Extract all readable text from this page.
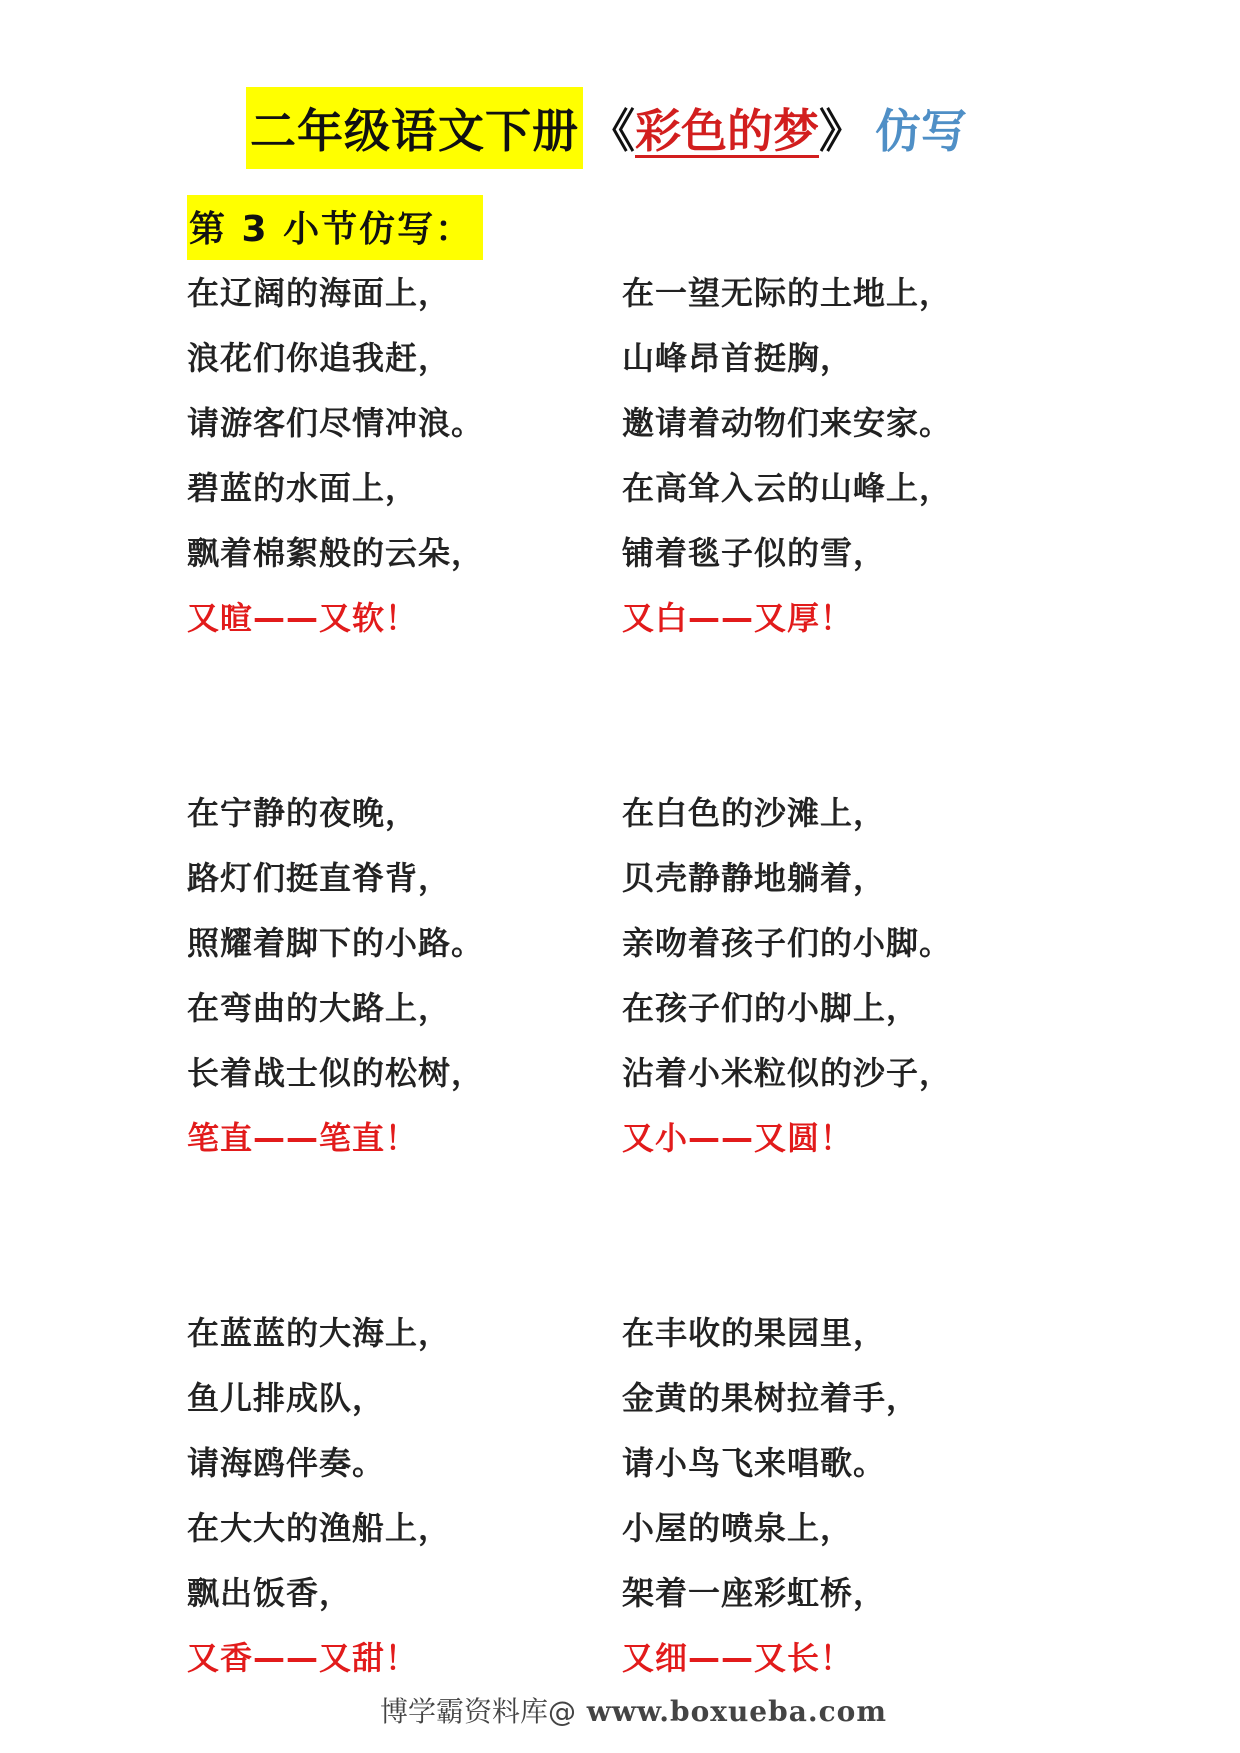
二年级语文下册 《彩色的梦》 仿写
第 3 小节仿写：
在辽阔的海面上，
浪花们你追我赶，
请游客们尽情冲浪。
碧蓝的水面上，
飘着棉絮般的云朵，
又暄——又软！
在宁静的夜晚，
路灯们挺直脊背，
照耀着脚下的小路。
在弯曲的大路上，
长着战士似的松树，
笔直——笔直！
在蓝蓝的大海上，
鱼儿排成队，
请海鸥伴奏。
在大大的渔船上，
飘出饭香，
又香——又甜！
在一望无际的土地上，
山峰昂首挺胸，
邀请着动物们来安家。
在高耸入云的山峰上，
铺着毯子似的雪，
又白——又厚！
在白色的沙滩上，
贝壳静静地躺着，
亲吻着孩子们的小脚。
在孩子们的小脚上，
沾着小米粒似的沙子，
又小——又圆！
在丰收的果园里，
金黄的果树拉着手，
请小鸟飞来唱歌。
小屋的喷泉上，
架着一座彩虹桥，
又细——又长！
博学霸资料库@ www.boxueba.com
